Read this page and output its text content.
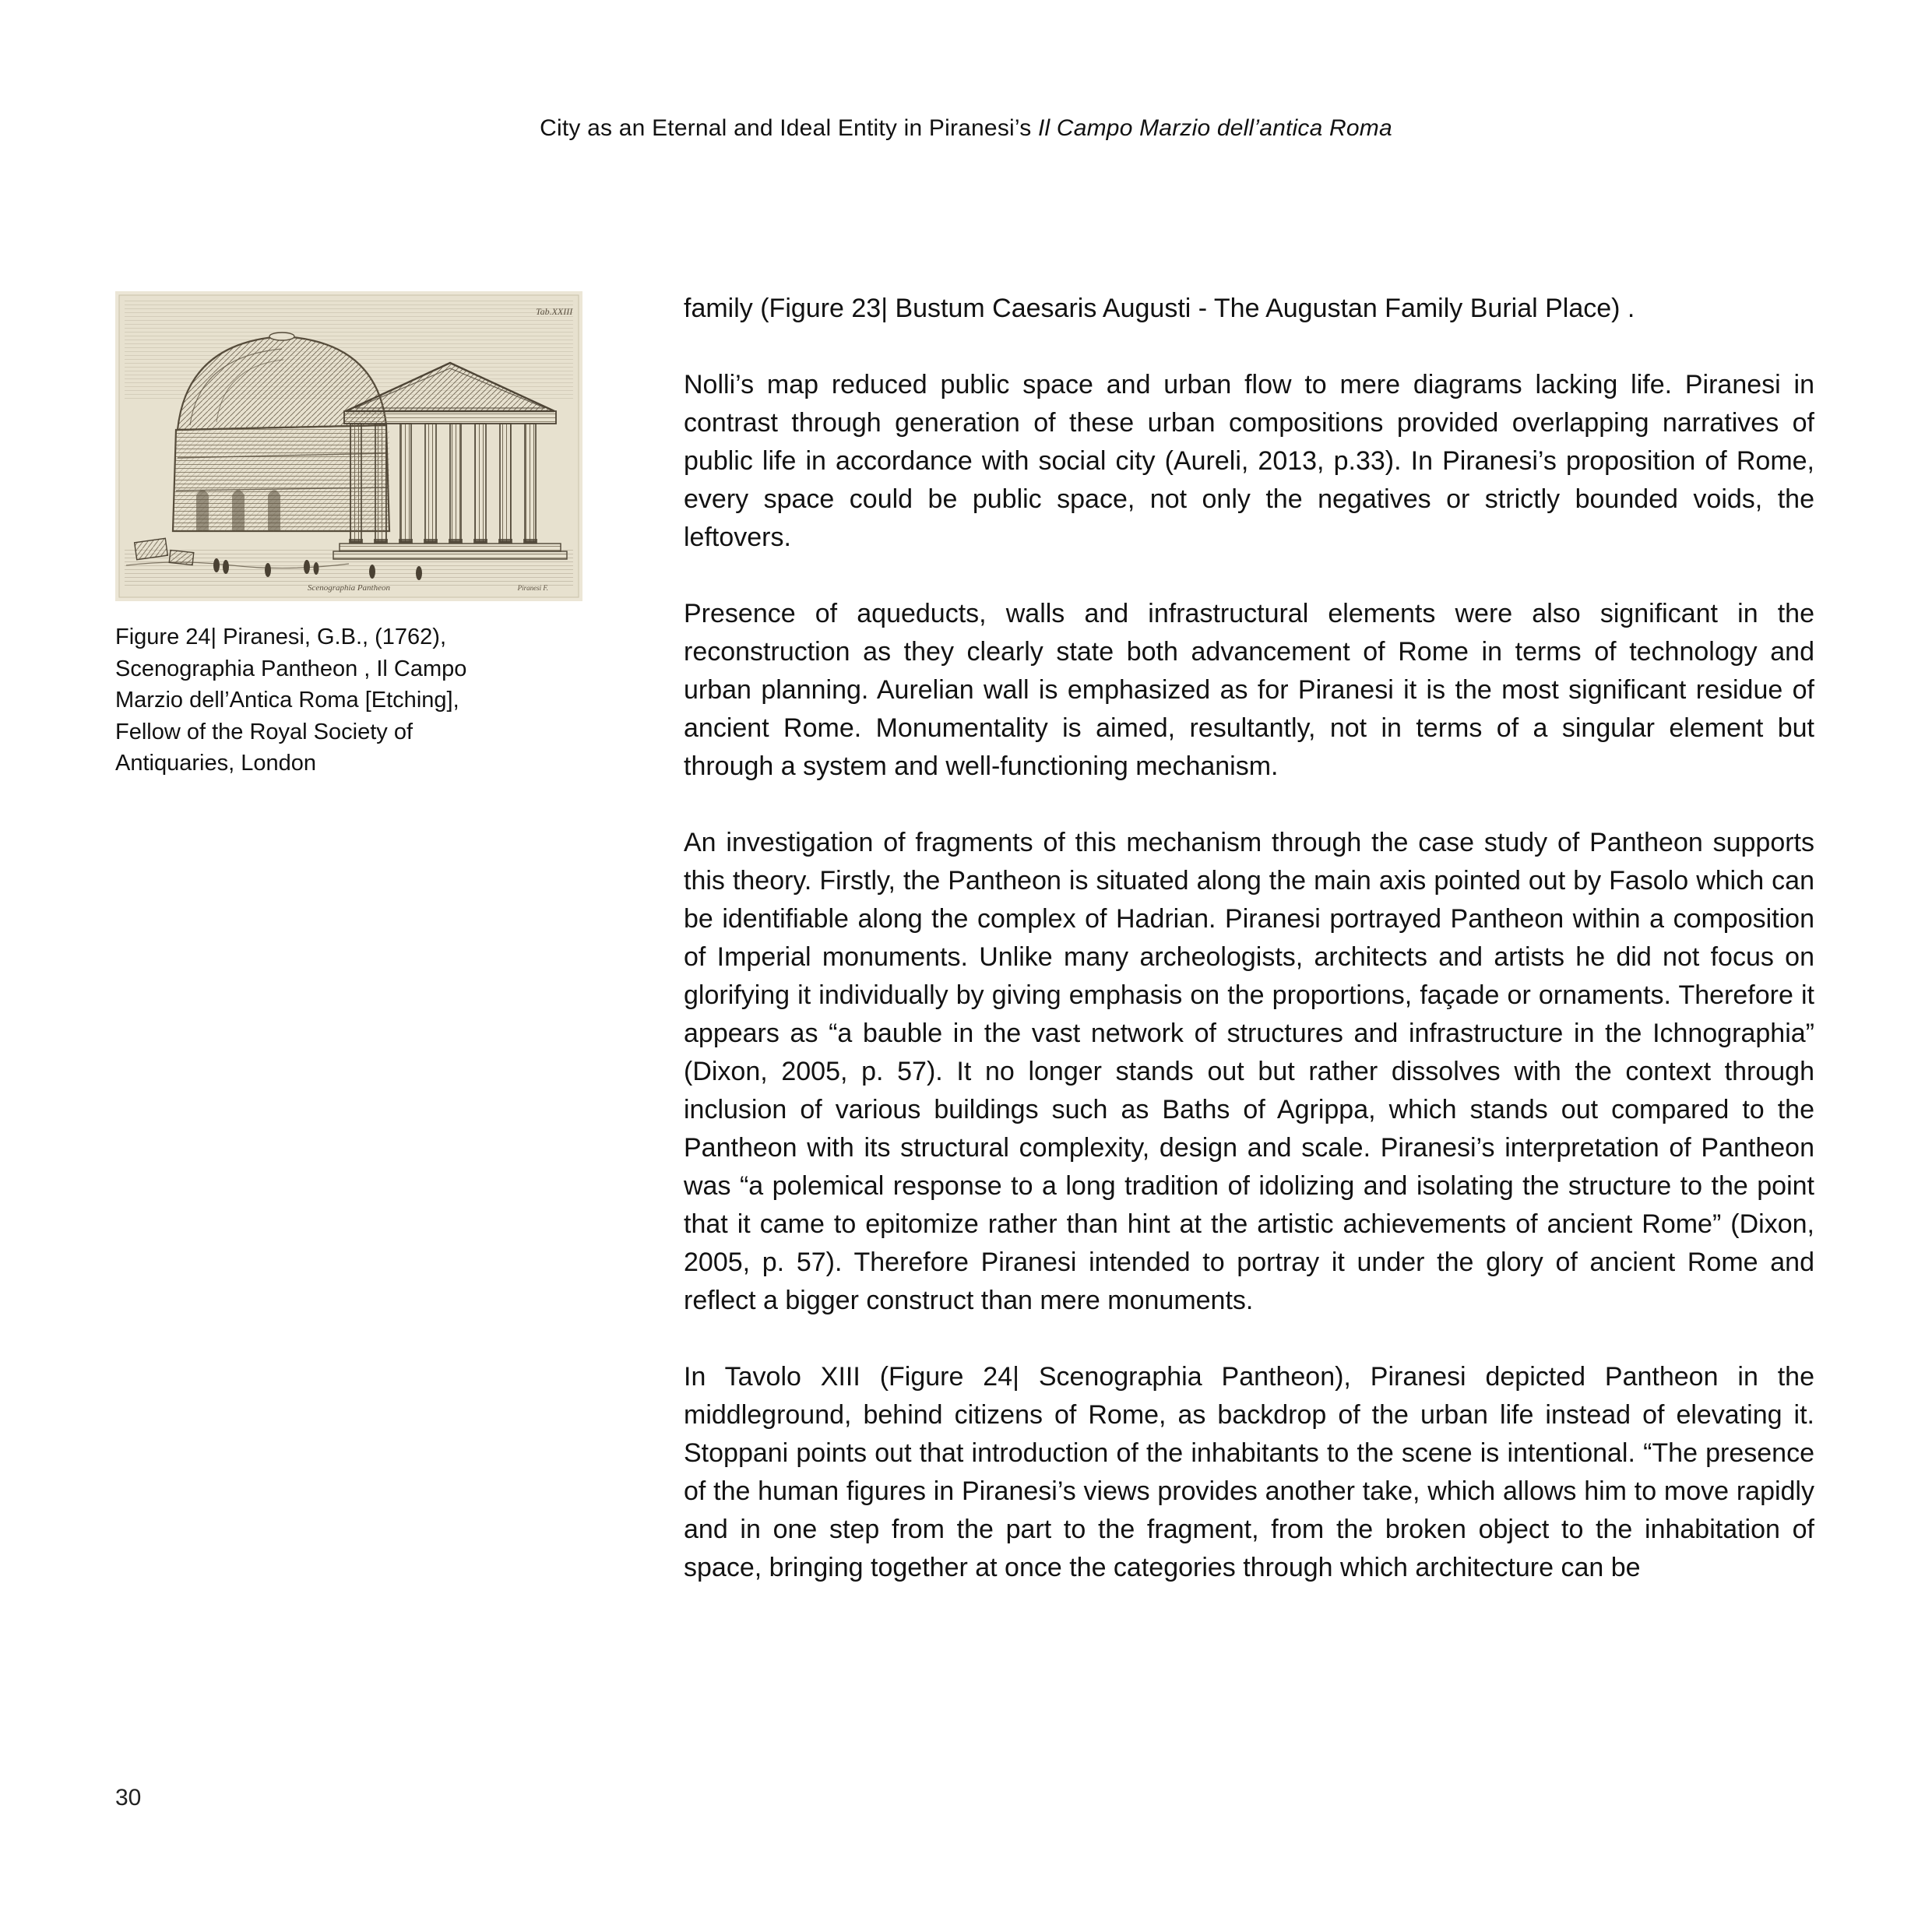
City as an Eternal and Ideal Entity in Piranesi’s Il Campo Marzio dell’antica Roma
Tab.XXIII
Scenographia Pantheon	Piranesi F.
Figure 24| Piranesi, G.B., (1762), Scenographia Pantheon , Il Campo Marzio dell’Antica Roma [Etching], Fellow of the Royal Society of Antiquaries, London

family (Figure 23| Bustum Caesaris Augusti - The Augustan Family Burial Place) .

Nolli’s map reduced public space and urban flow to mere diagrams lacking life. Piranesi in contrast through generation of these urban compositions provided overlapping narratives of public life in accordance with social city (Aureli, 2013, p.33). In Piranesi’s proposition of Rome, every space could be public space, not only the negatives or strictly bounded voids, the leftovers.

Presence of aqueducts, walls and infrastructural elements were also significant in the reconstruction as they clearly state both advancement of Rome in terms of technology and urban planning. Aurelian wall is emphasized as for Piranesi it is the most significant residue of ancient Rome. Monumentality is aimed, resultantly, not in terms of a singular element but through a system and well-functioning mechanism.

An investigation of fragments of this mechanism through the case study of Pantheon supports this theory. Firstly, the Pantheon is situated along the main axis pointed out by Fasolo which can be identifiable along the complex of Hadrian. Piranesi portrayed Pantheon within a composition of Imperial monuments. Unlike many archeologists, architects and artists he did not focus on glorifying it individually by giving emphasis on the proportions, façade or ornaments. Therefore it appears as “a bauble in the vast network of structures and infrastructure in the Ichnographia” (Dixon, 2005, p. 57). It no longer stands out but rather dissolves with the context through inclusion of various buildings such as Baths of Agrippa, which stands out compared to the Pantheon with its structural complexity, design and scale. Piranesi’s interpretation of Pantheon was “a polemical response to a long tradition of idolizing and isolating the structure to the point that it came to epitomize rather than hint at the artistic achievements of ancient Rome” (Dixon, 2005, p. 57). Therefore Piranesi intended to portray it under the glory of ancient Rome and reflect a bigger construct than mere monuments.

In Tavolo XIII (Figure 24| Scenographia Pantheon), Piranesi depicted Pantheon in the middleground, behind citizens of Rome, as backdrop of the urban life instead of elevating it. Stoppani points out that introduction of the inhabitants to the scene is intentional. “The presence of the human figures in Piranesi’s views provides another take, which allows him to move rapidly and in one step from the part to the fragment, from the broken object to the inhabitation of space, bringing together at once the categories through which architecture can be

30
